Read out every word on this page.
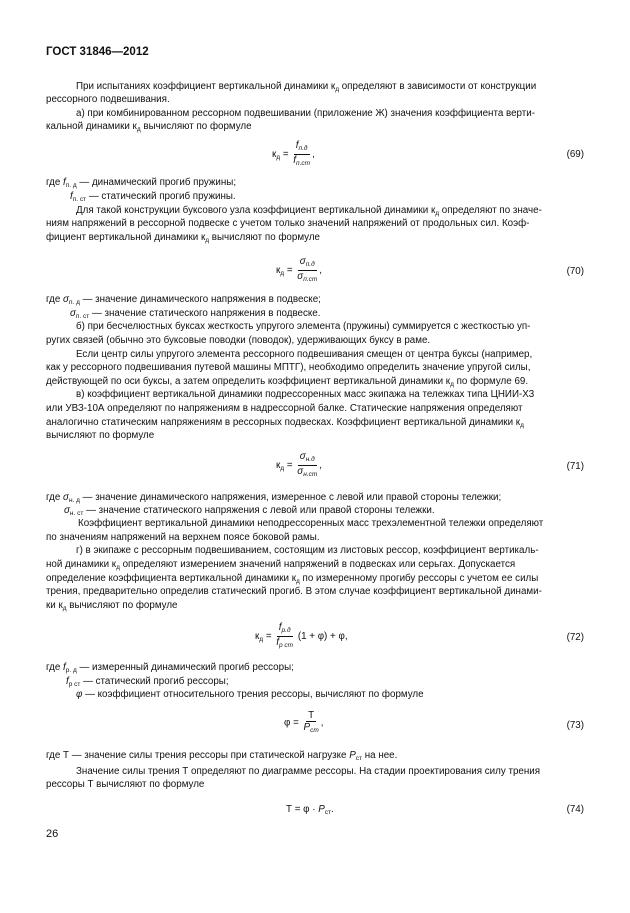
ГОСТ 31846—2012
При испытаниях коэффициент вертикальной динамики $к_д$ определяют в зависимости от конструкции
рессорного подвешивания.
а) при комбинированном рессорном подвешивании (приложение Ж) значения коэффициента верти-
кальной динамики $к_д$ вычисляют по формуле
$к_д = \frac{f_{п.д}}{f_{п.ст}}$ ,	(69)
где $f_{п. д}$ — динамический прогиб пружины;
$f_{п. ст}$ — статический прогиб пружины.
Для такой конструкции буксового узла коэффициент вертикальной динамики $к_д$ определяют по значе-
ниям напряжений в рессорной подвеске с учетом только значений напряжений от продольных сил. Коэф-
фициент вертикальной динамики $к_д$ вычисляют по формуле
$к_д = \frac{\sigma_{п.д}}{\sigma_{п.ст}}$ ,	(70)
где $\sigma_{п. д}$ — значение динамического напряжения в подвеске;
$\sigma_{п. ст}$ — значение статического напряжения в подвеске.
б) при бесчелюстных буксах жесткость упругого элемента (пружины) суммируется с жесткостью уп-
ругих связей (обычно это буксовые поводки (поводок), удерживающих буксу в раме.
Если центр силы упругого элемента рессорного подвешивания смещен от центра буксы (например,
как у рессорного подвешивания путевой машины МПТГ), необходимо определить значение упругой силы,
действующей по оси буксы, а затем определить коэффициент вертикальной динамики $к_д$ по формуле 69.
в) коэффициент вертикальной динамики подрессоренных масс экипажа на тележках типа ЦНИИ-Х3
или УВЗ-10А определяют по напряжениям в надрессорной балке. Статические напряжения определяют
аналогично статическим напряжениям в рессорных подвесках. Коэффициент вертикальной динамики $к_д$
вычисляют по формуле
$к_д = \frac{\sigma_{н.д}}{\sigma_{н.ст}}$ ,	(71)
где $\sigma_{н. д}$ — значение динамического напряжения, измеренное с левой или правой стороны тележки;
$\sigma_{н. ст}$ — значение статического напряжения с левой или правой стороны тележки.
Коэффициент вертикальной динамики неподрессоренных масс трехэлементной тележки определяют
по значениям напряжений на верхнем поясе боковой рамы.
г) в экипаже с рессорным подвешиванием, состоящим из листовых рессор, коэффициент вертикаль-
ной динамики $к_д$ определяют измерением значений напряжений в подвесках или серьгах. Допускается
определение коэффициента вертикальной динамики $к_д$ по измеренному прогибу рессоры с учетом ее силы
трения, предварительно определив статический прогиб. В этом случае коэффициент вертикальной динами-
ки $к_д$ вычисляют по формуле
$к_д = \frac{f_{р.д}}{f_{р ст}} (1 + \varphi) + \varphi$,	(72)
где $f_{р. д}$ — измеренный динамический прогиб рессоры;
$f_{р ст}$ — статический прогиб рессоры;
φ — коэффициент относительного трения рессоры, вычисляют по формуле
$\varphi = \frac{Т}{P_{ст}}$ ,	(73)
где Т — значение силы трения рессоры при статической нагрузке $P_{ст}$ на нее.
Значение силы трения Т определяют по диаграмме рессоры. На стадии проектирования силу трения
рессоры Т вычисляют по формуле
$Т = \varphi \cdot P_{ст}$.	(74)
26
